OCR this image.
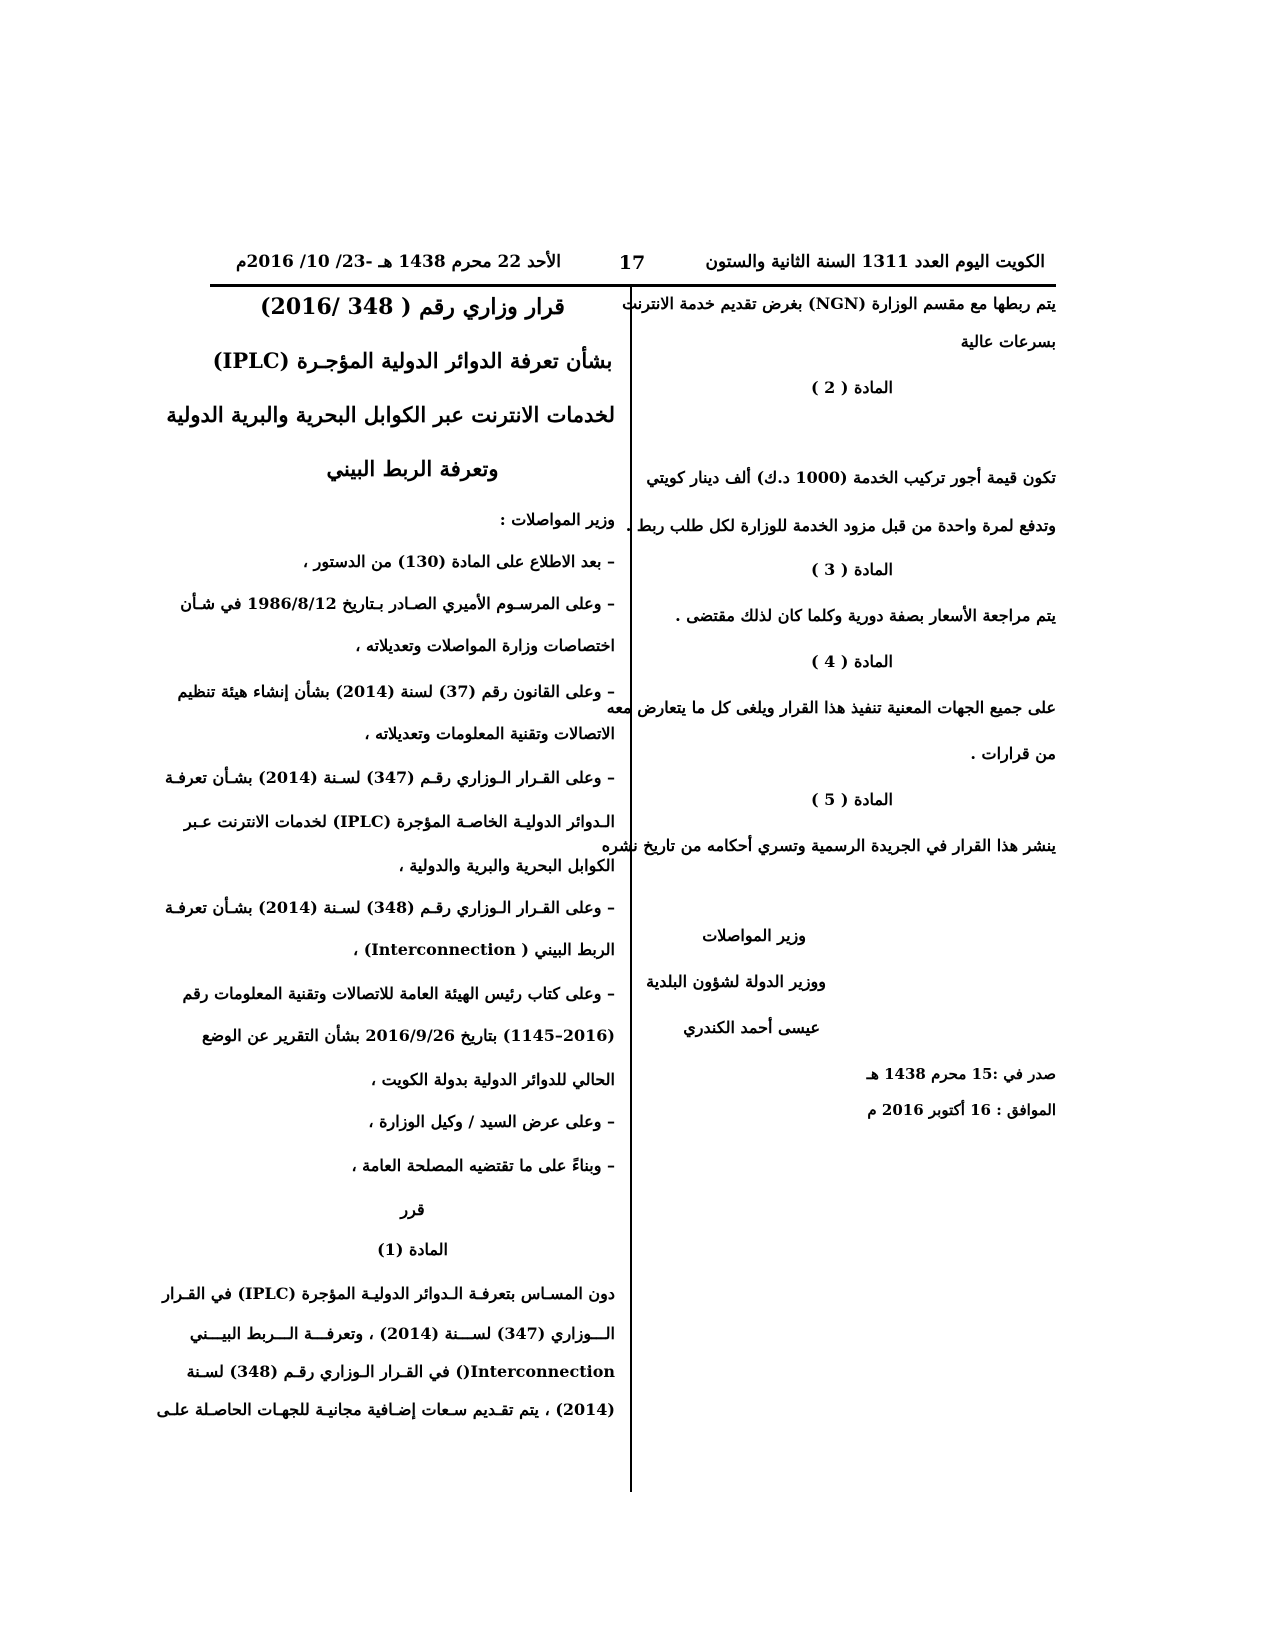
الكويت اليوم العدد 1311 السنة الثانية والستون
17
الأحد 22 محرم 1438 هـ -23/ 10/ 2016م
يتم ربطها مع مقسم الوزارة (NGN) بغرض تقديم خدمة الانترنت
بسرعات عالية
المادة ( 2 )
تكون قيمة أجور تركيب الخدمة (1000 د.ك) ألف دينار كويتي
وتدفع لمرة واحدة من قبل مزود الخدمة للوزارة لكل طلب ربط .
المادة ( 3 )
يتم مراجعة الأسعار بصفة دورية وكلما كان لذلك مقتضى .
المادة ( 4 )
على جميع الجهات المعنية تنفيذ هذا القرار ويلغى كل ما يتعارض معه
من قرارات .
المادة ( 5 )
ينشر هذا القرار في الجريدة الرسمية وتسري أحكامه من تاريخ نشره
وزير المواصلات
ووزير الدولة لشؤون البلدية
عيسى أحمد الكندري
صدر في :15 محرم 1438 هـ
الموافق : 16 أكتوبر 2016 م
قرار وزاري رقم ( 348 /2016)
بشأن تعرفة الدوائر الدولية المؤجـرة (IPLC)
لخدمات الانترنت عبر الكوابل البحرية والبرية الدولية
وتعرفة الربط البيني
وزير المواصلات :
– بعد الاطلاع على المادة (130) من الدستور ،
– وعلى المرسـوم الأميري الصـادر بـتاريخ 1986/8/12 في شـأن
اختصاصات وزارة المواصلات وتعديلاته ،
– وعلى القانون رقم (37) لسنة (2014) بشأن إنشاء هيئة تنظيم
الاتصالات وتقنية المعلومات وتعديلاته ،
– وعلى القـرار الـوزاري رقـم (347) لسـنة (2014) بشـأن تعرفـة
الـدوائر الدوليـة الخاصـة المؤجرة (IPLC) لخدمات الانترنت عـبر
الكوابل البحرية والبرية والدولية ،
– وعلى القـرار الـوزاري رقـم (348) لسـنة (2014) بشـأن تعرفـة
الربط البيني ( Interconnection) ،
– وعلى كتاب رئيس الهيئة العامة للاتصالات وتقنية المعلومات رقم
(2016–1145) بتاريخ 2016/9/26 بشأن التقرير عن الوضع
الحالي للدوائر الدولية بدولة الكويت ،
– وعلى عرض السيد / وكيل الوزارة ،
– وبناءً على ما تقتضيه المصلحة العامة ،
قرر
المادة (1)
دون المسـاس بتعرفـة الـدوائر الدوليـة المؤجرة (IPLC) في القـرار
الـــوزاري (347) لســـنة (2014) ، وتعرفـــة الـــربط البيـــني
Interconnection() في القـرار الـوزاري رقـم (348) لسـنة
(2014) ، يتم تقـديم سـعات إضـافية مجانيـة للجهـات الحاصـلة علـى
